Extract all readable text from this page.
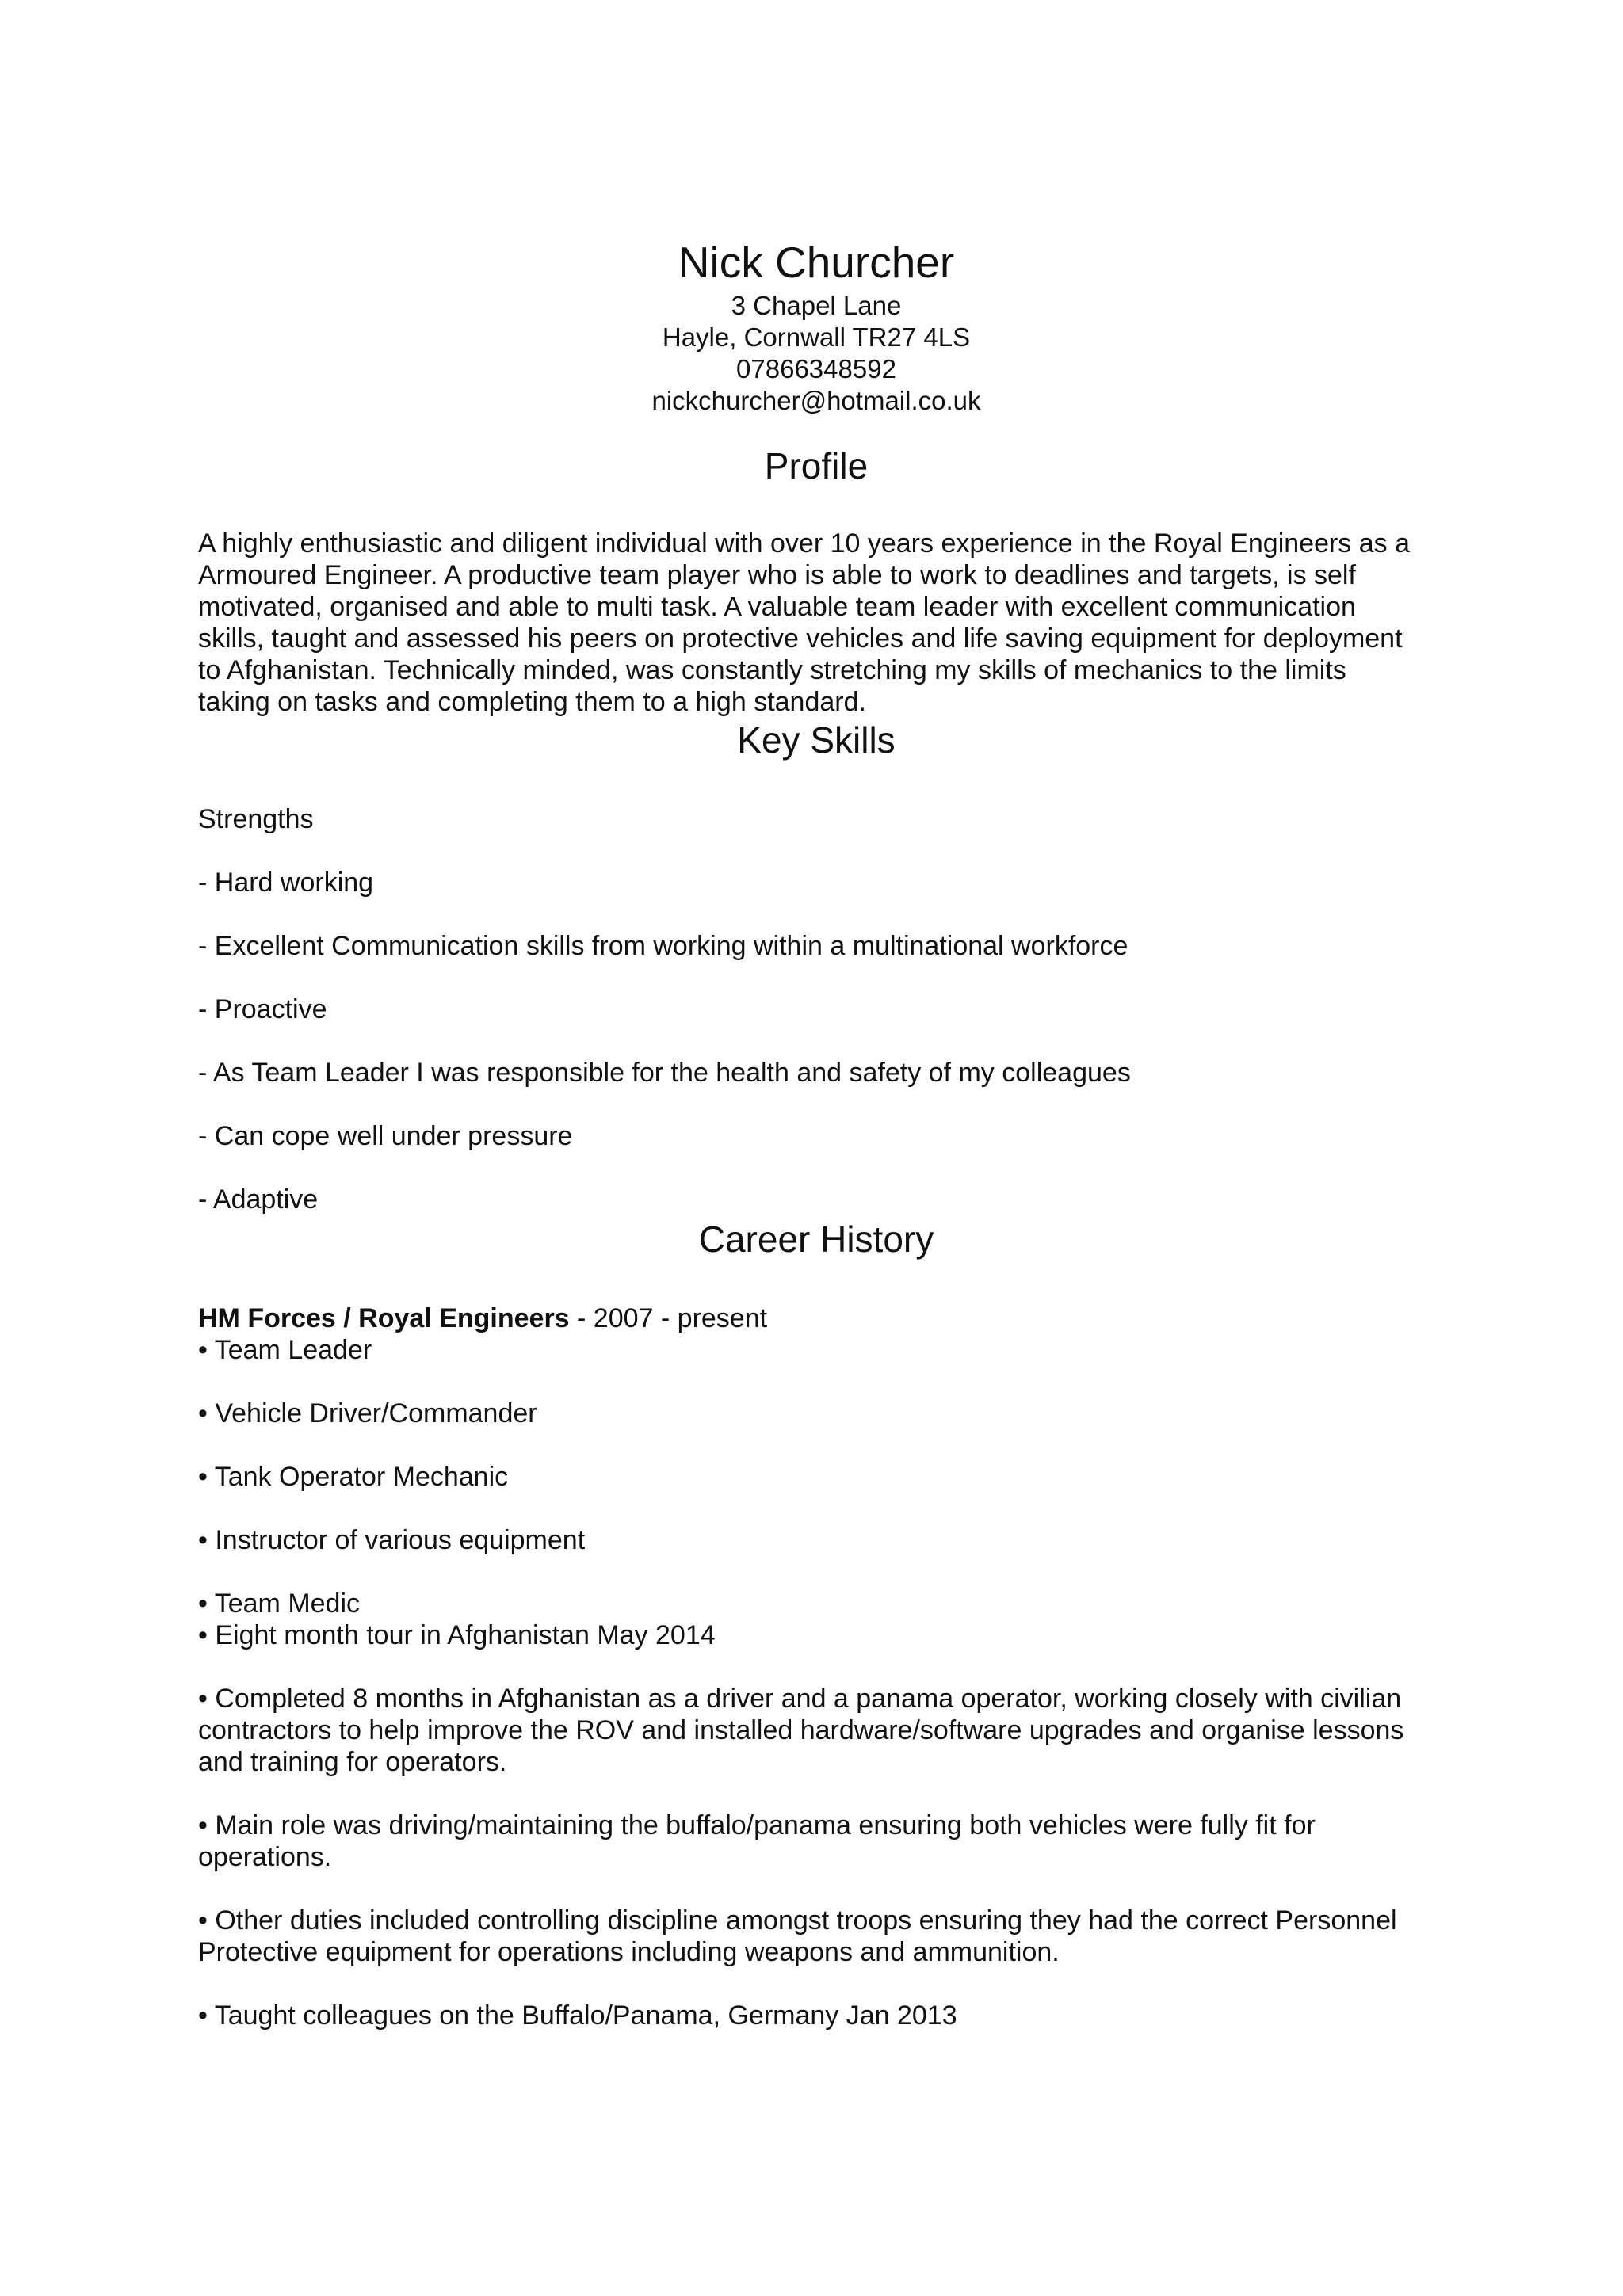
Nick Churcher
3 Chapel Lane
Hayle, Cornwall TR27 4LS
07866348592
nickchurcher@hotmail.co.uk
Profile
A highly enthusiastic and diligent individual with over 10 years experience in the Royal Engineers as a
Armoured Engineer. A productive team player who is able to work to deadlines and targets, is self
motivated, organised and able to multi task. A valuable team leader with excellent communication
skills, taught and assessed his peers on protective vehicles and life saving equipment for deployment
to Afghanistan. Technically minded, was constantly stretching my skills of mechanics to the limits
taking on tasks and completing them to a high standard.
Key Skills

Strengths

- Hard working

- Excellent Communication skills from working within a multinational workforce

- Proactive

- As Team Leader I was responsible for the health and safety of my colleagues

- Can cope well under pressure

- Adaptive

Career History
HM Forces / Royal Engineers - 2007 - present
• Team Leader
• Vehicle Driver/Commander
• Tank Operator Mechanic
• Instructor of various equipment
• Team Medic
• Eight month tour in Afghanistan May 2014
• Completed 8 months in Afghanistan as a driver and a panama operator, working closely with civilian
contractors to help improve the ROV and installed hardware/software upgrades and organise lessons
and training for operators.
• Main role was driving/maintaining the buffalo/panama ensuring both vehicles were fully fit for
operations.
• Other duties included controlling discipline amongst troops ensuring they had the correct Personnel
Protective equipment for operations including weapons and ammunition.
• Taught colleagues on the Buffalo/Panama, Germany Jan 2013
